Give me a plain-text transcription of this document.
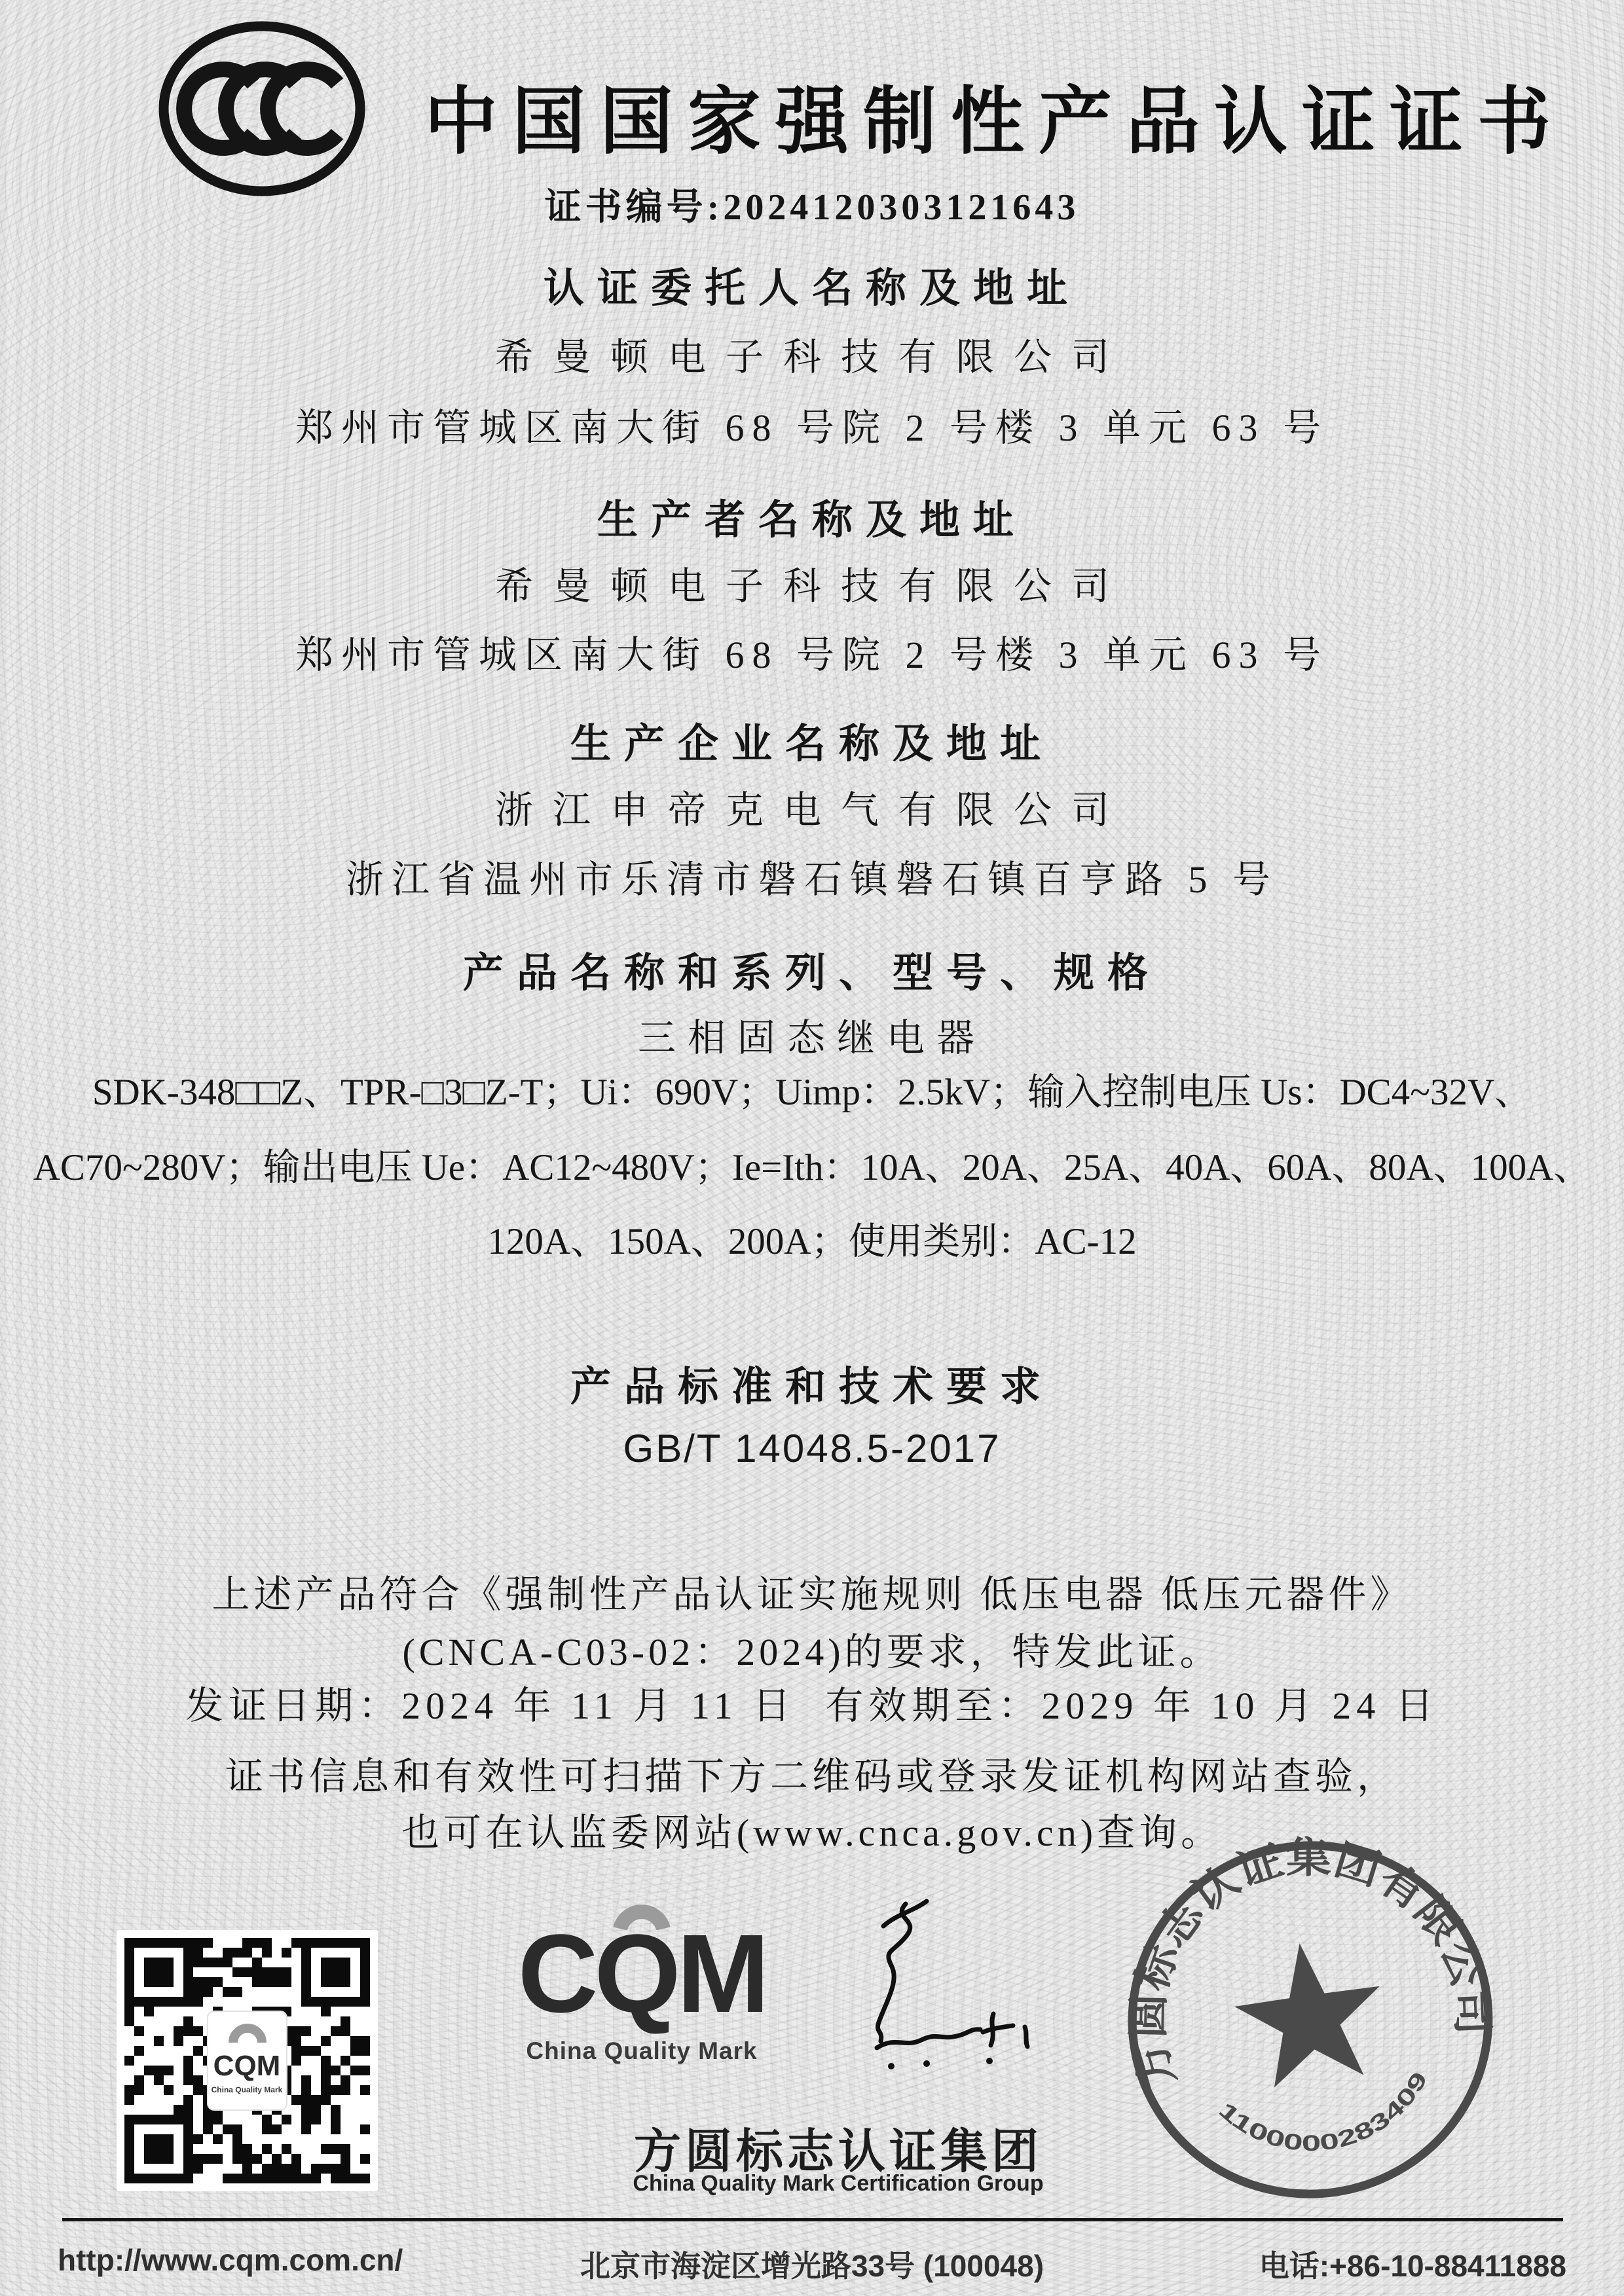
中国国家强制性产品认证证书
证书编号:2024120303121643
认证委托人名称及地址
希曼顿电子科技有限公司
郑州市管城区南大街 68 号院 2 号楼 3 单元 63 号
生产者名称及地址
希曼顿电子科技有限公司
郑州市管城区南大街 68 号院 2 号楼 3 单元 63 号
生产企业名称及地址
浙江申帝克电气有限公司
浙江省温州市乐清市磐石镇磐石镇百亨路 5 号
产品名称和系列、型号、规格
三相固态继电器
SDK-348□□Z、TPR-□3□Z-T；Ui：690V；Uimp：2.5kV；输入控制电压 Us：DC4~32V、
AC70~280V；输出电压 Ue：AC12~480V；Ie=Ith：10A、20A、25A、40A、60A、80A、100A、
120A、150A、200A；使用类别：AC-12
产品标准和技术要求
GB/T 14048.5-2017
上述产品符合《强制性产品认证实施规则 低压电器 低压元器件》
(CNCA-C03-02：2024)的要求，特发此证。
发证日期：2024 年 11 月 11 日  有效期至：2029 年 10 月 24 日
证书信息和有效性可扫描下方二维码或登录发证机构网站查验，
也可在认监委网站(www.cnca.gov.cn)查询。
CQM
China Quality Mark
CQM
China Quality Mark
方圆标志认证集团
China Quality Mark Certification Group
方圆标志认证集团有限公司
1100000283409
http://www.cqm.com.cn/	北京市海淀区增光路33号 (100048)	电话:+86-10-88411888
